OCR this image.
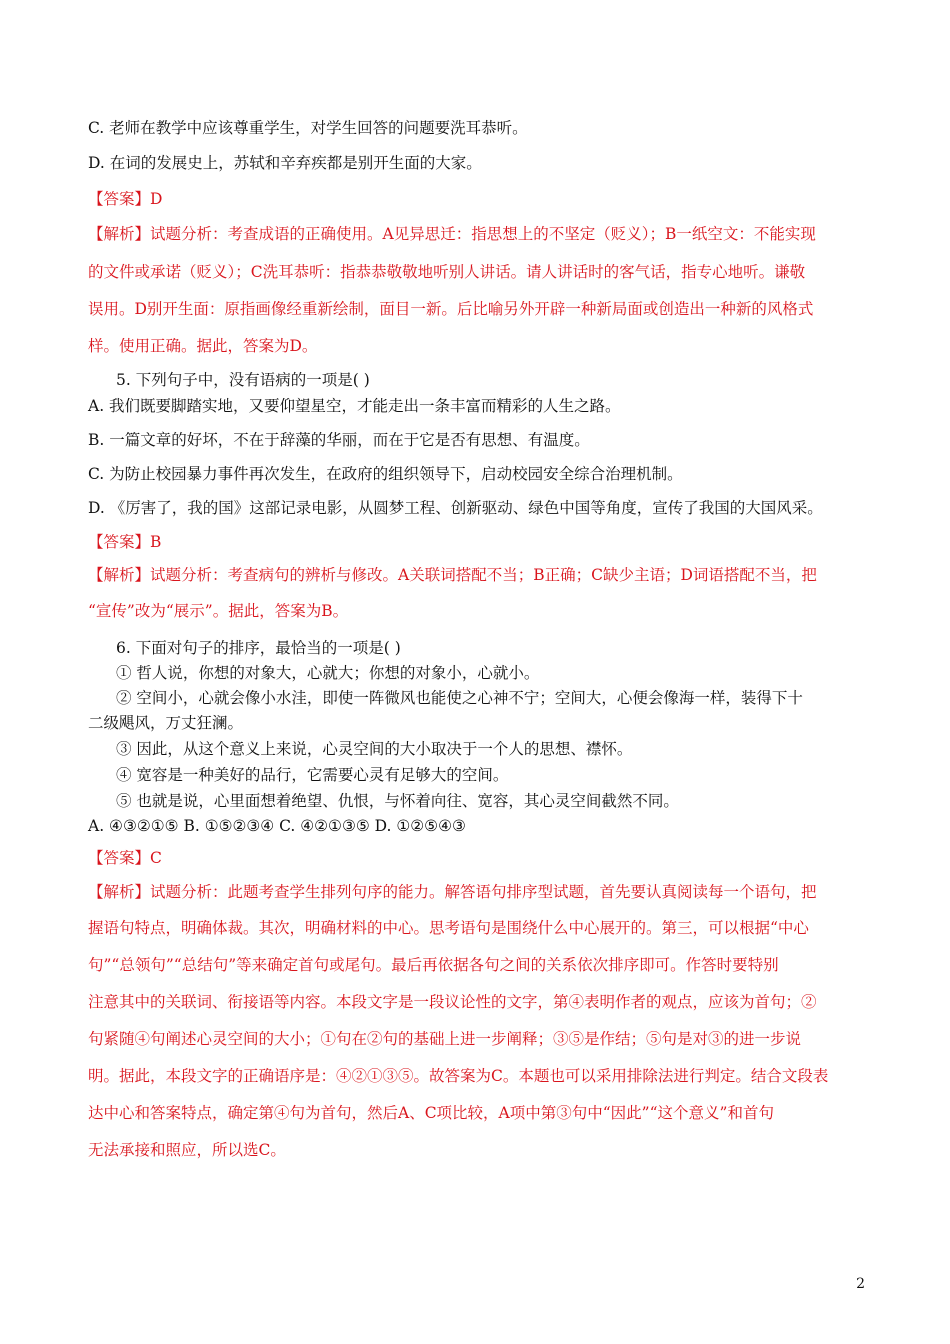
C. 老师在教学中应该尊重学生，对学生回答的问题要洗耳恭听。
D. 在词的发展史上，苏轼和辛弃疾都是别开生面的大家。
【答案】D
【解析】试题分析：考查成语的正确使用。A见异思迁：指思想上的不坚定（贬义）；B一纸空文：不能实现
的文件或承诺（贬义）；C洗耳恭听：指恭恭敬敬地听别人讲话。请人讲话时的客气话，指专心地听。谦敬
误用。D别开生面：原指画像经重新绘制，面目一新。后比喻另外开辟一种新局面或创造出一种新的风格式
样。使用正确。据此，答案为D。
5. 下列句子中，没有语病的一项是( )
A. 我们既要脚踏实地，又要仰望星空，才能走出一条丰富而精彩的人生之路。
B. 一篇文章的好坏，不在于辞藻的华丽，而在于它是否有思想、有温度。
C. 为防止校园暴力事件再次发生，在政府的组织领导下，启动校园安全综合治理机制。
D. 《厉害了，我的国》这部记录电影，从圆梦工程、创新驱动、绿色中国等角度，宣传了我国的大国风采。
【答案】B
【解析】试题分析：考查病句的辨析与修改。A关联词搭配不当；B正确；C缺少主语；D词语搭配不当，把
“宣传”改为“展示”。据此，答案为B。
6. 下面对句子的排序，最恰当的一项是( )
① 哲人说，你想的对象大，心就大；你想的对象小，心就小。
② 空间小，心就会像小水洼，即使一阵微风也能使之心神不宁；空间大，心便会像海一样，装得下十
二级飓风，万丈狂澜。
③ 因此，从这个意义上来说，心灵空间的大小取决于一个人的思想、襟怀。
④ 宽容是一种美好的品行，它需要心灵有足够大的空间。
⑤ 也就是说，心里面想着绝望、仇恨，与怀着向往、宽容，其心灵空间截然不同。
A. ④③②①⑤ B. ①⑤②③④ C. ④②①③⑤ D. ①②⑤④③
【答案】C
【解析】试题分析：此题考查学生排列句序的能力。解答语句排序型试题，首先要认真阅读每一个语句，把
握语句特点，明确体裁。其次，明确材料的中心。思考语句是围绕什么中心展开的。第三，可以根据“中心
句”“总领句”“总结句”等来确定首句或尾句。最后再依据各句之间的关系依次排序即可。作答时要特别
注意其中的关联词、衔接语等内容。本段文字是一段议论性的文字，第④表明作者的观点，应该为首句；②
句紧随④句阐述心灵空间的大小；①句在②句的基础上进一步阐释；③⑤是作结；⑤句是对③的进一步说
明。据此，本段文字的正确语序是：④②①③⑤。故答案为C。本题也可以采用排除法进行判定。结合文段表
达中心和答案特点，确定第④句为首句，然后A、C项比较，A项中第③句中“因此”“这个意义”和首句
无法承接和照应，所以选C。
2
